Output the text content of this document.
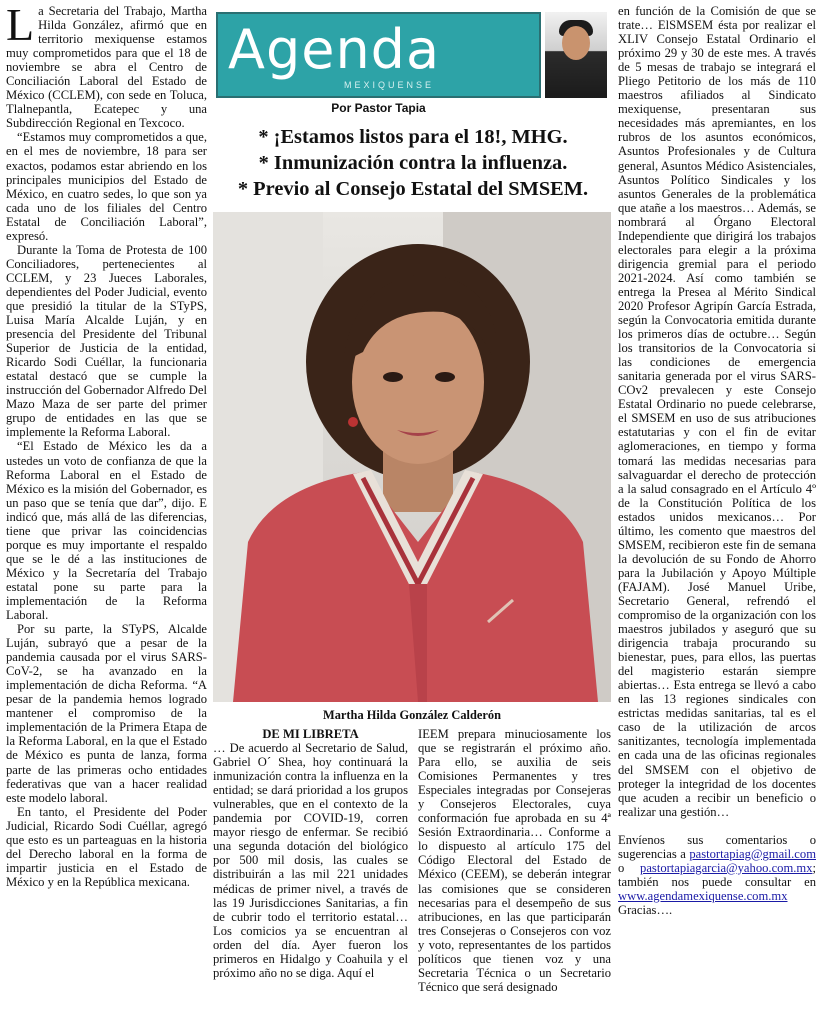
La Secretaria del Trabajo, Martha Hilda González, afirmó que en territorio mexiquense estamos muy comprometidos para que el 18 de noviembre se abra el Centro de Conciliación Laboral del Estado de México (CCLEM), con sede en Toluca, Tlalnepantla, Ecatepec y una Subdirección Regional en Texcoco.

“Estamos muy comprometidos a que, en el mes de noviembre, 18 para ser exactos, podamos estar abriendo en los principales municipios del Estado de México, en cuatro sedes, lo que son ya cada uno de los filiales del Centro Estatal de Conciliación Laboral”, expresó.

Durante la Toma de Protesta de 100 Conciliadores, pertenecientes al CCLEM, y 23 Jueces Laborales, dependientes del Poder Judicial, evento que presidió la titular de la STyPS, Luisa María Alcalde Luján, y en presencia del Presidente del Tribunal Superior de Justicia de la entidad, Ricardo Sodi Cuéllar, la funcionaria estatal destacó que se cumple la instrucción del Gobernador Alfredo Del Mazo Maza de ser parte del primer grupo de entidades en las que se implemente la Reforma Laboral.

“El Estado de México les da a ustedes un voto de confianza de que la Reforma Laboral en el Estado de México es la misión del Gobernador, es un paso que se tenía que dar”, dijo. E indicó que, más allá de las diferencias, tiene que privar las coincidencias porque es muy importante el respaldo que se le dé a las instituciones de México y la Secretaría del Trabajo estatal pone su parte para la implementación de la Reforma Laboral.

Por su parte, la STyPS, Alcalde Luján, subrayó que a pesar de la pandemia causada por el virus SARS-CoV-2, se ha avanzado en la implementación de dicha Reforma. “A pesar de la pandemia hemos logrado mantener el compromiso de la implementación de la Primera Etapa de la Reforma Laboral, en la que el Estado de México es punta de lanza, forma parte de las primeras ocho entidades federativas que van a hacer realidad este modelo laboral.

En tanto, el Presidente del Poder Judicial, Ricardo Sodi Cuéllar, agregó que esto es un parteaguas en la historia del Derecho laboral en la forma de impartir justicia en el Estado de México y en la República mexicana.

Agenda
MEXIQUENSE
Por Pastor Tapia
* ¡Estamos listos para el 18!, MHG.
* Inmunización contra la influenza.
* Previo al Consejo Estatal del SMSEM.
Martha Hilda González Calderón
DE MI LIBRETA

… De acuerdo al Secretario de Salud, Gabriel O´ Shea, hoy continuará la inmunización contra la influenza en la entidad; se dará prioridad a los grupos vulnerables, que en el contexto de la pandemia por COVID-19, corren mayor riesgo de enfermar. Se recibió una segunda dotación del biológico por 500 mil dosis, las cuales se distribuirán a las mil 221 unidades médicas de primer nivel, a través de las 19 Jurisdicciones Sanitarias, a fin de cubrir todo el territorio estatal…Los comicios ya se encuentran al orden del día. Ayer fueron los primeros en Hidalgo y Coahuila y el próximo año no se diga. Aquí el

IEEM prepara minuciosamente los que se registrarán el próximo año. Para ello, se auxilia de seis Comisiones Permanentes y tres Especiales integradas por Consejeras y Consejeros Electorales, cuya conformación fue aprobada en su 4ª Sesión Extraordinaria… Conforme a lo dispuesto al artículo 175 del Código Electoral del Estado de México (CEEM), se deberán integrar las comisiones que se consideren necesarias para el desempeño de sus atribuciones, en las que participarán tres Consejeras o Consejeros con voz y voto, representantes de los partidos políticos que tienen voz y una Secretaria Técnica o un Secretario Técnico que será designado

en función de la Comisión de que se trate… ElSMSEM ésta por realizar el XLIV Consejo Estatal Ordinario el próximo 29 y 30 de este mes. A través de 5 mesas de trabajo se integrará el Pliego Petitorio de los más de 110 maestros afiliados al Sindicato mexiquense, presentaran sus necesidades más apremiantes, en los rubros de los asuntos económicos, Asuntos Profesionales y de Cultura general, Asuntos Médico Asistenciales, Asuntos Político Sindicales y los asuntos Generales de la problemática que atañe a los maestros… Además, se nombrará al Órgano Electoral Independiente que dirigirá los trabajos electorales para elegir a la próxima dirigencia gremial para el periodo 2021-2024. Así como también se entrega la Presea al Mérito Sindical 2020 Profesor Agripín García Estrada, según la Convocatoria emitida durante los primeros días de octubre… Según los transitorios de la Convocatoria si las condiciones de emergencia sanitaria generada por el virus SARS-COv2 prevalecen y este Consejo Estatal Ordinario no puede celebrarse, el SMSEM en uso de sus atribuciones estatutarias y con el fin de evitar aglomeraciones, en tiempo y forma tomará las medidas necesarias para salvaguardar el derecho de protección a la salud consagrado en el Artículo 4º de la Constitución Política de los estados unidos mexicanos… Por último, les comento que maestros del SMSEM, recibieron este fin de semana la devolución de su Fondo de Ahorro para la Jubilación y Apoyo Múltiple (FAJAM). José Manuel Uribe, Secretario General, refrendó el compromiso de la organización con los maestros jubilados y aseguró que su dirigencia trabaja procurando su bienestar, pues, para ellos, las puertas del magisterio estarán siempre abiertas… Esta entrega se llevó a cabo en las 13 regiones sindicales con estrictas medidas sanitarias, tal es el caso de la utilización de arcos sanitizantes, tecnología implementada en cada una de las oficinas regionales del SMSEM con el objetivo de proteger la integridad de los docentes que acuden a recibir un beneficio o realizar una gestión…

Envíenos sus comentarios o sugerencias a pastortapiag@gmail.com o pastortapiagarcia@yahoo.com.mx; también nos puede consultar en www.agendamexiquense.com.mx
Gracias….
